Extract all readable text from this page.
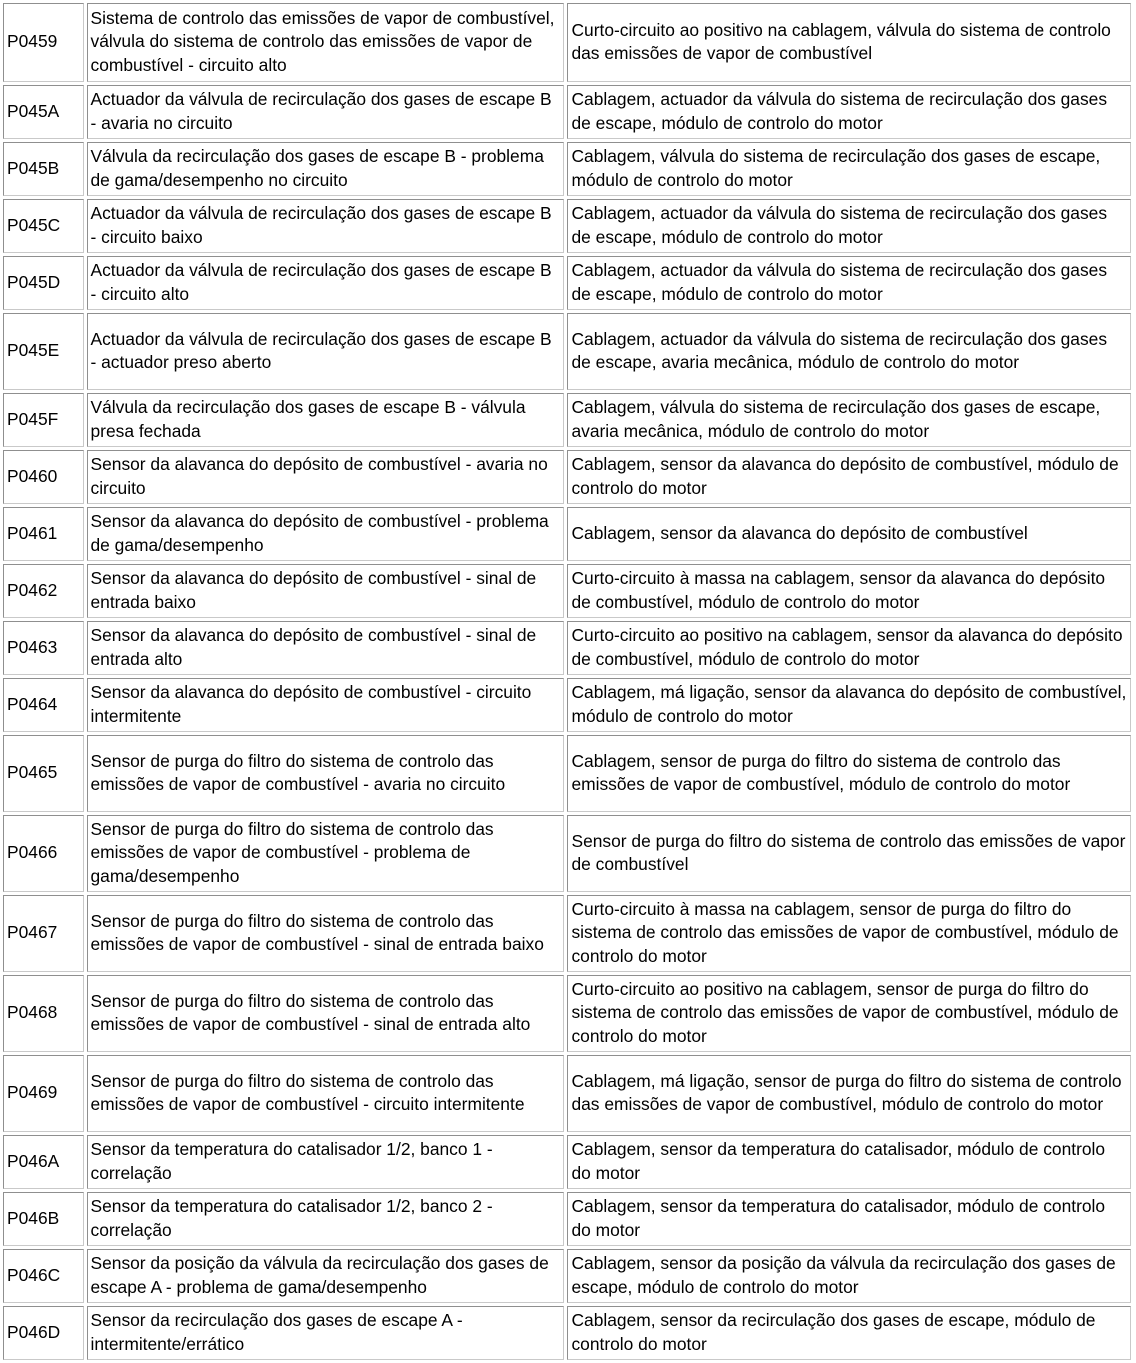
P0459	Sistema de controlo das emissões de vapor de combustível, válvula do sistema de controlo das emissões de vapor de combustível - circuito alto	Curto-circuito ao positivo na cablagem, válvula do sistema de controlo das emissões de vapor de combustível
P045A	Actuador da válvula de recirculação dos gases de escape B - avaria no circuito	Cablagem, actuador da válvula do sistema de recirculação dos gases de escape, módulo de controlo do motor
P045B	Válvula da recirculação dos gases de escape B - problema de gama/desempenho no circuito	Cablagem, válvula do sistema de recirculação dos gases de escape, módulo de controlo do motor
P045C	Actuador da válvula de recirculação dos gases de escape B - circuito baixo	Cablagem, actuador da válvula do sistema de recirculação dos gases de escape, módulo de controlo do motor
P045D	Actuador da válvula de recirculação dos gases de escape B - circuito alto	Cablagem, actuador da válvula do sistema de recirculação dos gases de escape, módulo de controlo do motor
P045E	Actuador da válvula de recirculação dos gases de escape B - actuador preso aberto	Cablagem, actuador da válvula do sistema de recirculação dos gases de escape, avaria mecânica, módulo de controlo do motor
P045F	Válvula da recirculação dos gases de escape B - válvula presa fechada	Cablagem, válvula do sistema de recirculação dos gases de escape, avaria mecânica, módulo de controlo do motor
P0460	Sensor da alavanca do depósito de combustível - avaria no circuito	Cablagem, sensor da alavanca do depósito de combustível, módulo de controlo do motor
P0461	Sensor da alavanca do depósito de combustível - problema de gama/desempenho	Cablagem, sensor da alavanca do depósito de combustível
P0462	Sensor da alavanca do depósito de combustível - sinal de entrada baixo	Curto-circuito à massa na cablagem, sensor da alavanca do depósito de combustível, módulo de controlo do motor
P0463	Sensor da alavanca do depósito de combustível - sinal de entrada alto	Curto-circuito ao positivo na cablagem, sensor da alavanca do depósito de combustível, módulo de controlo do motor
P0464	Sensor da alavanca do depósito de combustível - circuito intermitente	Cablagem, má ligação, sensor da alavanca do depósito de combustível, módulo de controlo do motor
P0465	Sensor de purga do filtro do sistema de controlo das emissões de vapor de combustível - avaria no circuito	Cablagem, sensor de purga do filtro do sistema de controlo das emissões de vapor de combustível, módulo de controlo do motor
P0466	Sensor de purga do filtro do sistema de controlo das emissões de vapor de combustível - problema de gama/desempenho	Sensor de purga do filtro do sistema de controlo das emissões de vapor de combustível
P0467	Sensor de purga do filtro do sistema de controlo das emissões de vapor de combustível - sinal de entrada baixo	Curto-circuito à massa na cablagem, sensor de purga do filtro do sistema de controlo das emissões de vapor de combustível, módulo de controlo do motor
P0468	Sensor de purga do filtro do sistema de controlo das emissões de vapor de combustível - sinal de entrada alto	Curto-circuito ao positivo na cablagem, sensor de purga do filtro do sistema de controlo das emissões de vapor de combustível, módulo de controlo do motor
P0469	Sensor de purga do filtro do sistema de controlo das emissões de vapor de combustível - circuito intermitente	Cablagem, má ligação, sensor de purga do filtro do sistema de controlo das emissões de vapor de combustível, módulo de controlo do motor
P046A	Sensor da temperatura do catalisador 1/2, banco 1 - correlação	Cablagem, sensor da temperatura do catalisador, módulo de controlo do motor
P046B	Sensor da temperatura do catalisador 1/2, banco 2 - correlação	Cablagem, sensor da temperatura do catalisador, módulo de controlo do motor
P046C	Sensor da posição da válvula da recirculação dos gases de escape A - problema de gama/desempenho	Cablagem, sensor da posição da válvula da recirculação dos gases de escape, módulo de controlo do motor
P046D	Sensor da recirculação dos gases de escape A - intermitente/errático	Cablagem, sensor da recirculação dos gases de escape, módulo de controlo do motor
